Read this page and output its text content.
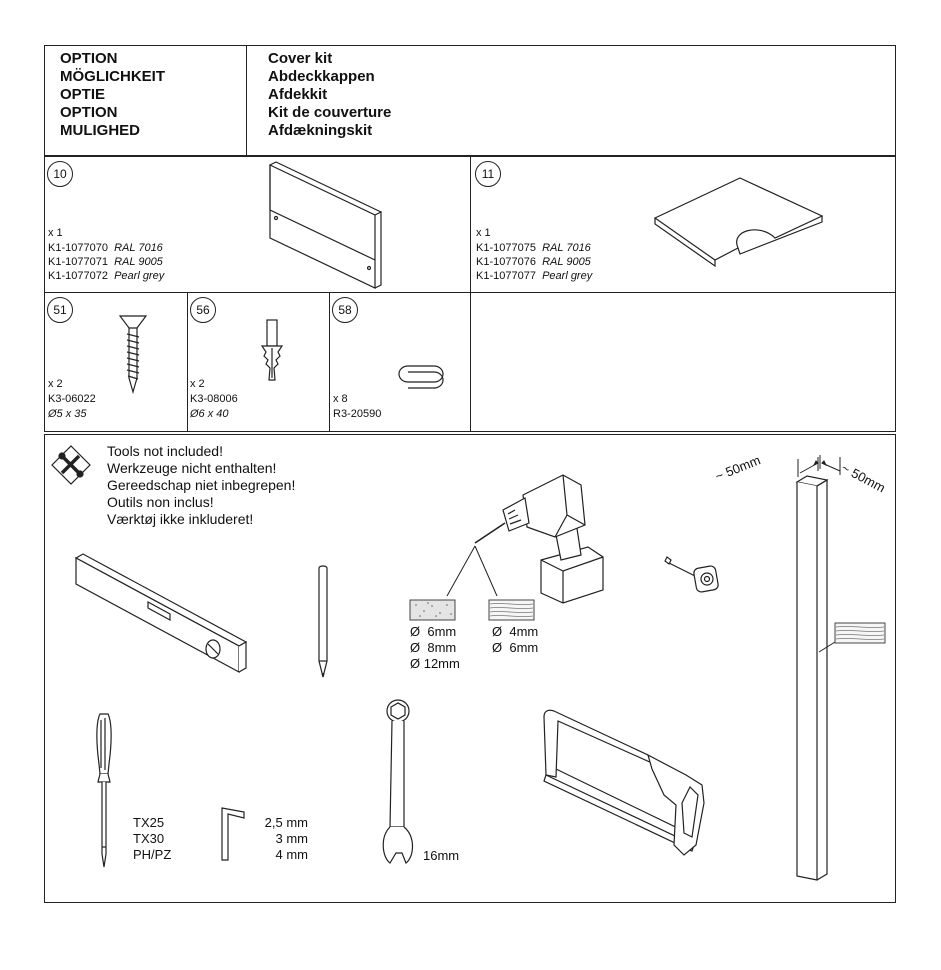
OPTION
MÖGLICHKEIT
OPTIE
OPTION
MULIGHED
Cover kit
Abdeckkappen
Afdekkit
Kit de couverture
Afdækningskit
10
x 1
K1-1077070 RAL 7016
K1-1077071 RAL 9005
K1-1077072 Pearl grey
11
x 1
K1-1077075 RAL 7016
K1-1077076 RAL 9005
K1-1077077 Pearl grey
51
x 2
K3-06022
Ø5 x 35
56
x 2
K3-08006
Ø6 x 40
58
x 8
R3-20590
Tools not included!
Werkzeuge nicht enthalten!
Gereedschap niet inbegrepen!
Outils non inclus!
Værktøj ikke inkluderet!
Ø  6mm
Ø  8mm
Ø 12mm
Ø  4mm
Ø  6mm
~ 50mm	~ 50mm
TX25
TX30
PH/PZ
2,5 mm
3 mm
4 mm	16mm
